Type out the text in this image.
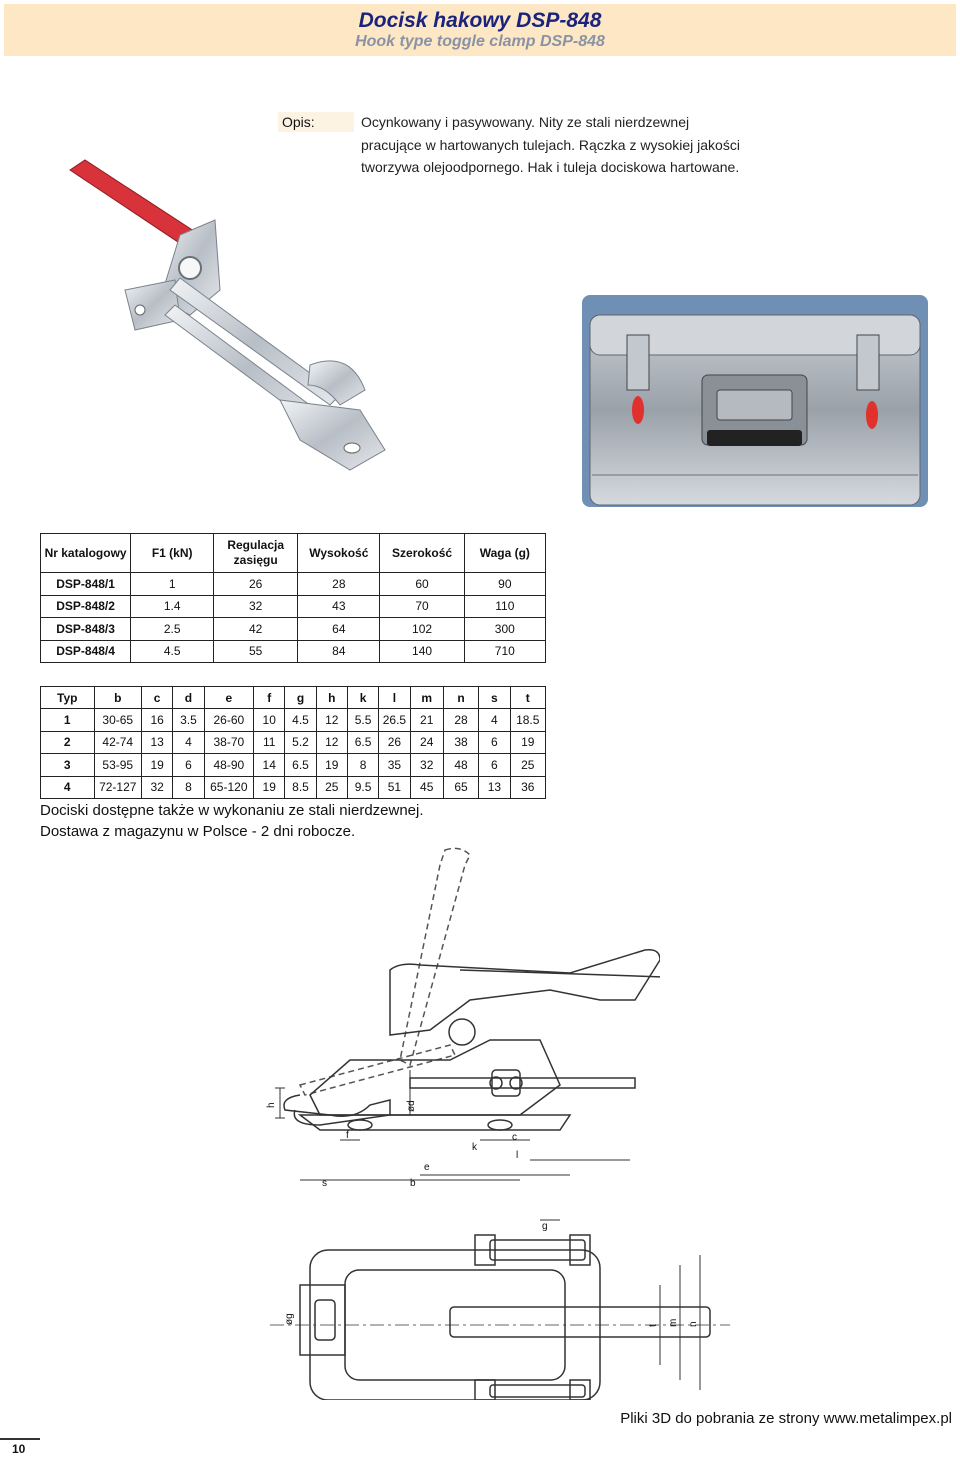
Docisk hakowy DSP-848
Hook type toggle clamp DSP-848
Opis:	Ocynkowany i pasywowany. Nity ze stali nierdzewnej pracujące w hartowanych tulejach. Rączka z wysokiej jakości tworzywa olejoodpornego. Hak i tuleja dociskowa hartowane.
Nr katalogowy	F1 (kN)	Regulacja zasięgu	Wysokość	Szerokość	Waga (g)
DSP-848/1	1	26	28	60	90
DSP-848/2	1.4	32	43	70	110
DSP-848/3	2.5	42	64	102	300
DSP-848/4	4.5	55	84	140	710
Typ	b	c	d	e	f	g	h	k	l	m	n	s	t
1	30-65	16	3.5	26-60	10	4.5	12	5.5	26.5	21	28	4	18.5
2	42-74	13	4	38-70	11	5.2	12	6.5	26	24	38	6	19
3	53-95	19	6	48-90	14	6.5	19	8	35	32	48	6	25
4	72-127	32	8	65-120	19	8.5	25	9.5	51	45	65	13	36
Dociski dostępne także w wykonaniu ze stali nierdzewnej.
Dostawa z magazynu w Polsce - 2 dni robocze.
h
f
ød
k
c
l
e
s	b
g
øg
t m n
Pliki 3D do pobrania ze strony www.metalimpex.pl
10
